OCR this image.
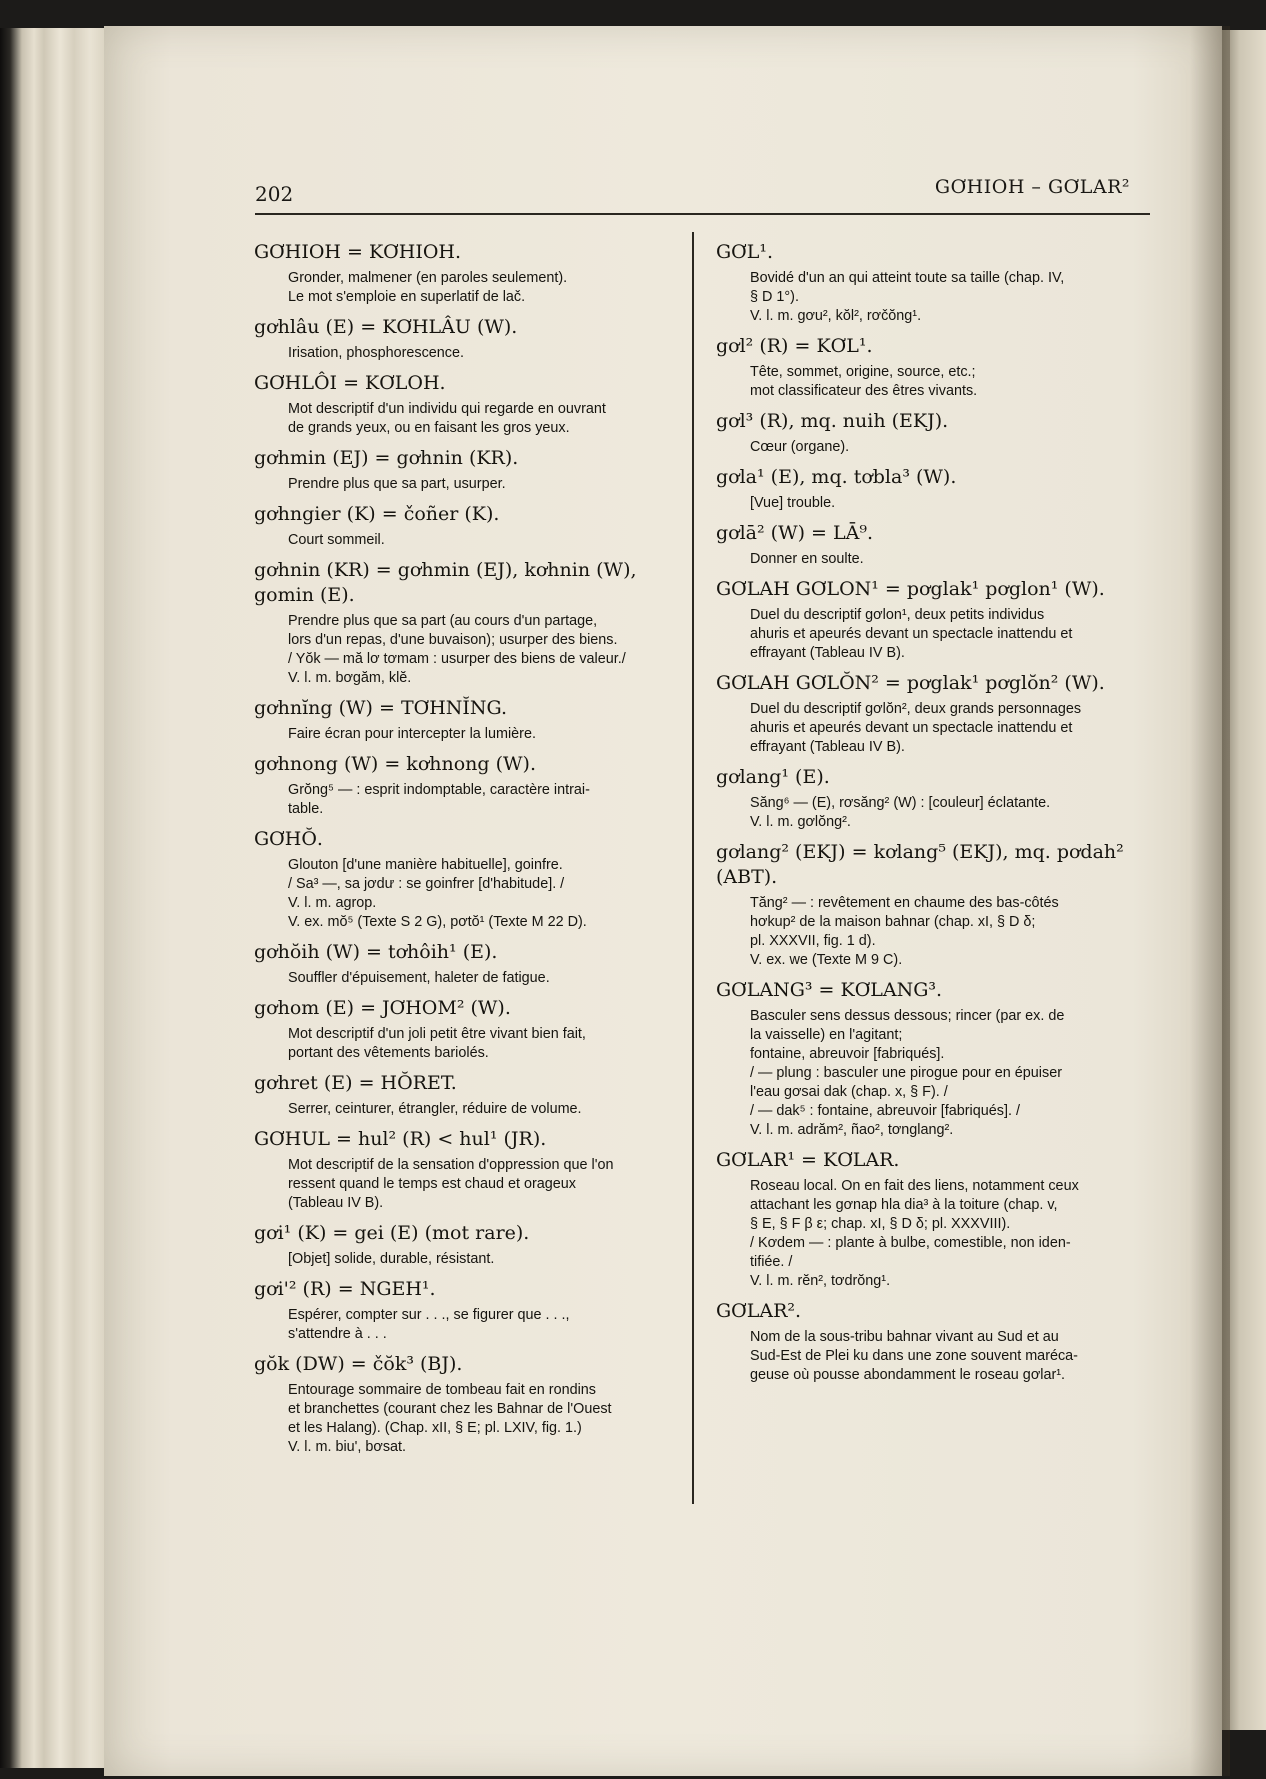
202	GƠHIOH – GƠLAR²
GƠHIOH = KƠHIOH.
Gronder, malmener (en paroles seulement).
Le mot s'emploie en superlatif de lač.
gơhlâu (E) = KƠHLÂU (W).
Irisation, phosphorescence.
GƠHLÔI = KƠLOH.
Mot descriptif d'un individu qui regarde en ouvrant
de grands yeux, ou en faisant les gros yeux.
gơhmin (EJ) = gơhnin (KR).
Prendre plus que sa part, usurper.
gơhngier (K) = čoñer (K).
Court sommeil.
gơhnin (KR) = gơhmin (EJ), kơhnin (W), gomin (E).
Prendre plus que sa part (au cours d'un partage,
lors d'un repas, d'une buvaison); usurper des biens.
/ Yŏk — mă lơ tơmam : usurper des biens de valeur./
V. l. m. bơgăm, klĕ.
gơhnĭng (W) = TƠHNĬNG.
Faire écran pour intercepter la lumière.
gơhnong (W) = kơhnong (W).
Grŏng⁵ — : esprit indomptable, caractère intrai-
table.
GƠHŎ.
Glouton [d'une manière habituelle], goinfre.
/ Sa³ —, sa jơdư : se goinfrer [d'habitude]. /
V. l. m. agrop.
V. ex. mŏ⁵ (Texte S 2 G), pơtŏ¹ (Texte M 22 D).
gơhŏih (W) = tơhôih¹ (E).
Souffler d'épuisement, haleter de fatigue.
gơhom (E) = JƠHOM² (W).
Mot descriptif d'un joli petit être vivant bien fait,
portant des vêtements bariolés.
gơhret (E) = HŎRET.
Serrer, ceinturer, étrangler, réduire de volume.
GƠHUL = hul² (R) < hul¹ (JR).
Mot descriptif de la sensation d'oppression que l'on
ressent quand le temps est chaud et orageux
(Tableau IV B).
gơi¹ (K) = gei (E) (mot rare).
[Objet] solide, durable, résistant.
gơi'² (R) = NGEH¹.
Espérer, compter sur . . ., se figurer que . . .,
s'attendre à . . .
gŏk (DW) = čŏk³ (BJ).
Entourage sommaire de tombeau fait en rondins
et branchettes (courant chez les Bahnar de l'Ouest
et les Halang). (Chap. xII, § E; pl. LXIV, fig. 1.)
V. l. m. biu', bơsat.
GƠL¹.
Bovidé d'un an qui atteint toute sa taille (chap. IV,
§ D 1°).
V. l. m. gơu², kŏl², rơčŏng¹.
gơl² (R) = KƠL¹.
Tête, sommet, origine, source, etc.;
mot classificateur des êtres vivants.
gơl³ (R), mq. nuih (EKJ).
Cœur (organe).
gơla¹ (E), mq. tơbla³ (W).
[Vue] trouble.
gơlā² (W) = LĀ⁹.
Donner en soulte.
GƠLAH GƠLON¹ = pơglak¹ pơglon¹ (W).
Duel du descriptif gơlon¹, deux petits individus
ahuris et apeurés devant un spectacle inattendu et
effrayant (Tableau IV B).
GƠLAH GƠLŎN² = pơglak¹ pơglŏn² (W).
Duel du descriptif gơlŏn², deux grands personnages
ahuris et apeurés devant un spectacle inattendu et
effrayant (Tableau IV B).
gơlang¹ (E).
Săng⁶ — (E), rơsăng² (W) : [couleur] éclatante.
V. l. m. gơlŏng².
gơlang² (EKJ) = kơlang⁵ (EKJ), mq. pơdah² (ABT).
Tăng² — : revêtement en chaume des bas-côtés
hơkup² de la maison bahnar (chap. xI, § D δ;
pl. XXXVII, fig. 1 d).
V. ex. we (Texte M 9 C).
GƠLANG³ = KƠLANG³.
Basculer sens dessus dessous; rincer (par ex. de
la vaisselle) en l'agitant;
fontaine, abreuvoir [fabriqués].
/ — plung : basculer une pirogue pour en épuiser
l'eau gơsai dak (chap. x, § F). /
/ — dak⁵ : fontaine, abreuvoir [fabriqués]. /
V. l. m. adrăm², ñao², tơnglang².
GƠLAR¹ = KƠLAR.
Roseau local. On en fait des liens, notamment ceux
attachant les gơnap hla dia³ à la toiture (chap. v,
§ E, § F β ε; chap. xI, § D δ; pl. XXXVIII).
/ Kơdem — : plante à bulbe, comestible, non iden-
tifiée. /
V. l. m. rĕn², tơdrŏng¹.
GƠLAR².
Nom de la sous-tribu bahnar vivant au Sud et au
Sud-Est de Plei ku dans une zone souvent maréca-
geuse où pousse abondamment le roseau gơlar¹.
